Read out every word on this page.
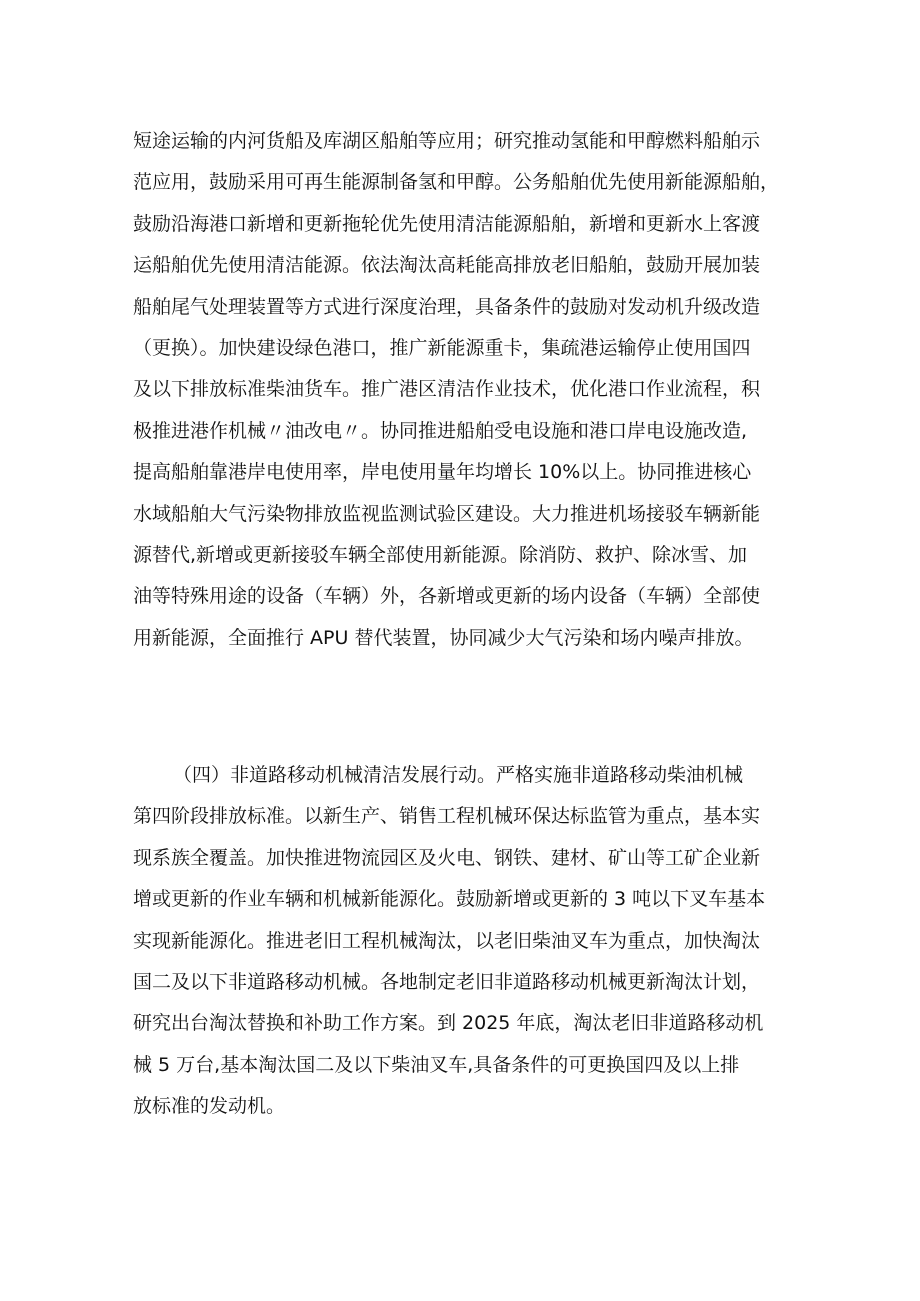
短途运输的内河货船及库湖区船舶等应用；研究推动氢能和甲醇燃料船舶示
范应用，鼓励采用可再生能源制备氢和甲醇。公务船舶优先使用新能源船舶，
鼓励沿海港口新增和更新拖轮优先使用清洁能源船舶，新增和更新水上客渡
运船舶优先使用清洁能源。依法淘汰高耗能高排放老旧船舶，鼓励开展加装
船舶尾气处理装置等方式进行深度治理，具备条件的鼓励对发动机升级改造
（更换）。加快建设绿色港口，推广新能源重卡，集疏港运输停止使用国四
及以下排放标准柴油货车。推广港区清洁作业技术，优化港口作业流程，积
极推进港作机械〃油改电〃。协同推进船舶受电设施和港口岸电设施改造,
提高船舶靠港岸电使用率，岸电使用量年均增长 10%以上。协同推进核心
水域船舶大气污染物排放监视监测试验区建设。大力推进机场接驳车辆新能
源替代,新增或更新接驳车辆全部使用新能源。除消防、救护、除冰雪、加
油等特殊用途的设备（车辆）外，各新增或更新的场内设备（车辆）全部使
用新能源，全面推行 APU 替代装置，协同减少大气污染和场内噪声排放。
（四）非道路移动机械清洁发展行动。严格实施非道路移动柴油机械
第四阶段排放标准。以新生产、销售工程机械环保达标监管为重点，基本实
现系族全覆盖。加快推进物流园区及火电、钢铁、建材、矿山等工矿企业新
增或更新的作业车辆和机械新能源化。鼓励新增或更新的 3 吨以下叉车基本
实现新能源化。推进老旧工程机械淘汰，以老旧柴油叉车为重点，加快淘汰
国二及以下非道路移动机械。各地制定老旧非道路移动机械更新淘汰计划，
研究出台淘汰替换和补助工作方案。到 2025 年底，淘汰老旧非道路移动机
械 5 万台,基本淘汰国二及以下柴油叉车,具备条件的可更换国四及以上排
放标准的发动机。
